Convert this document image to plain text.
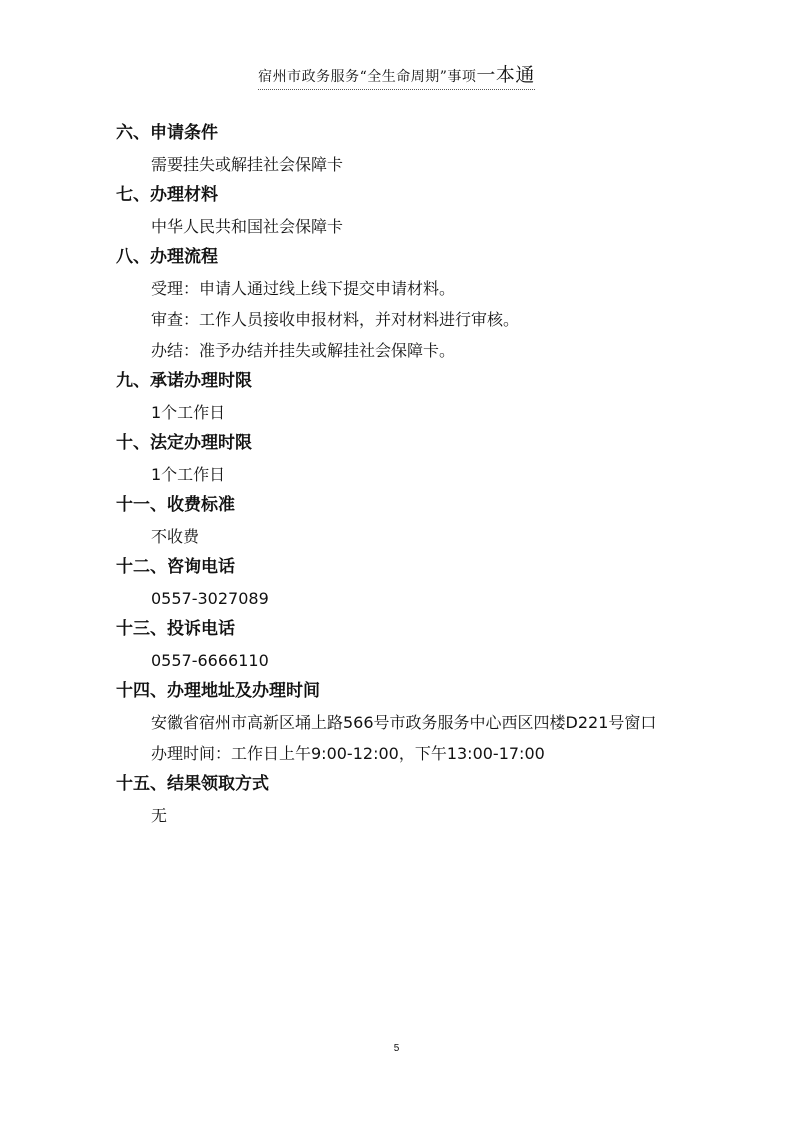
宿州市政务服务“全生命周期”事项一本通
六、申请条件
需要挂失或解挂社会保障卡
七、办理材料
中华人民共和国社会保障卡
八、办理流程
受理：申请人通过线上线下提交申请材料。
审查：工作人员接收申报材料，并对材料进行审核。
办结：准予办结并挂失或解挂社会保障卡。
九、承诺办理时限
1个工作日
十、法定办理时限
1个工作日
十一、收费标准
不收费
十二、咨询电话
0557-3027089
十三、投诉电话
0557-6666110
十四、办理地址及办理时间
安徽省宿州市高新区埇上路566号市政务服务中心西区四楼D221号窗口
办理时间：工作日上午9:00-12:00，下午13:00-17:00
十五、结果领取方式
无
5
